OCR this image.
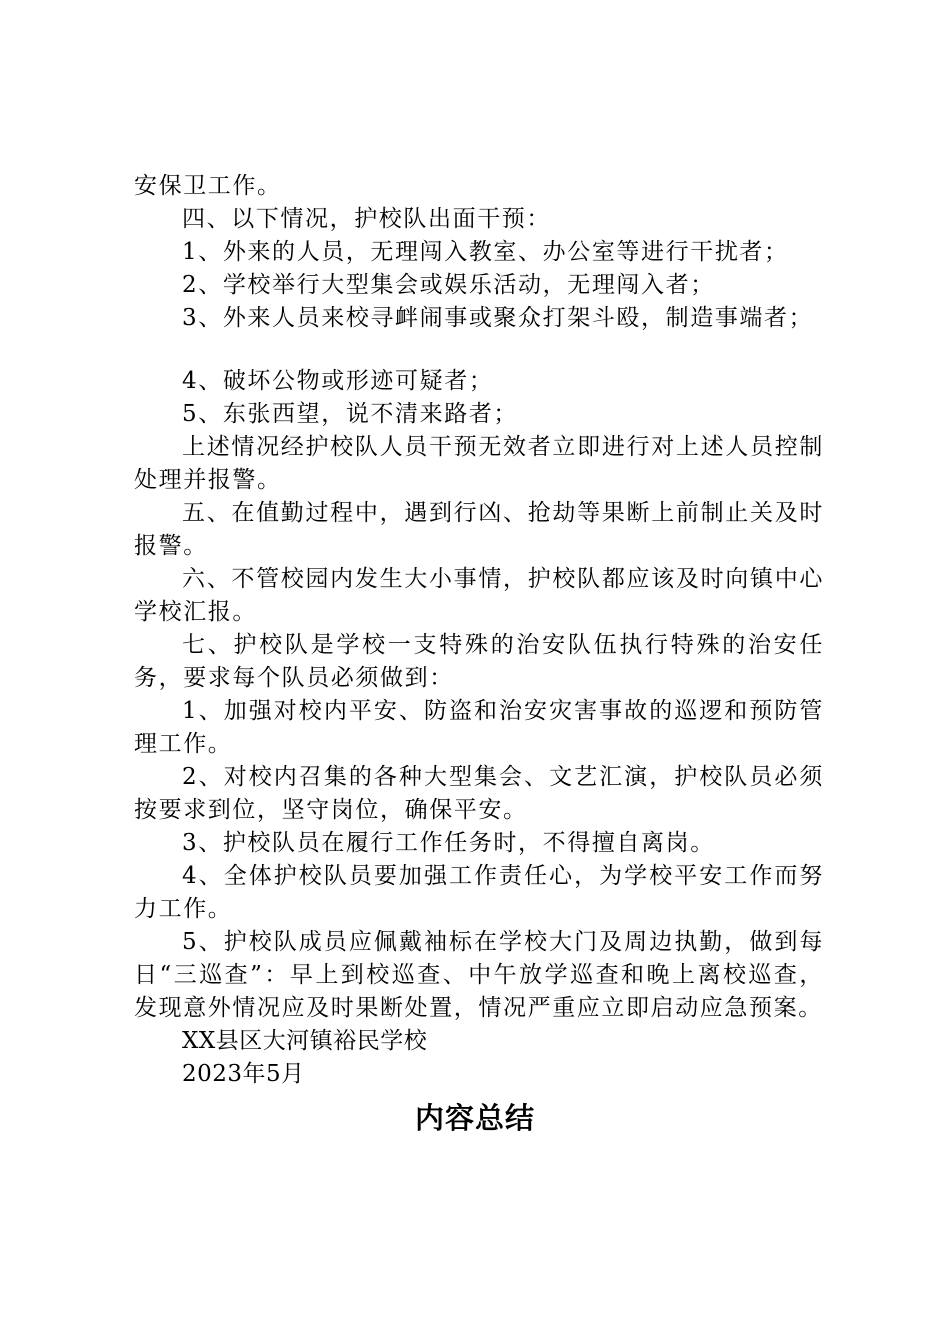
安保卫工作。

四、以下情况，护校队出面干预：

1、外来的人员，无理闯入教室、办公室等进行干扰者；

2、学校举行大型集会或娱乐活动，无理闯入者；

3、外来人员来校寻衅闹事或聚众打架斗殴，制造事端者；

4、破坏公物或形迹可疑者；

5、东张西望，说不清来路者；

上述情况经护校队人员干预无效者立即进行对上述人员控制处理并报警。

五、在值勤过程中，遇到行凶、抢劫等果断上前制止关及时报警。

六、不管校园内发生大小事情，护校队都应该及时向镇中心学校汇报。

七、护校队是学校一支特殊的治安队伍执行特殊的治安任务，要求每个队员必须做到：

1、加强对校内平安、防盗和治安灾害事故的巡逻和预防管理工作。

2、对校内召集的各种大型集会、文艺汇演，护校队员必须按要求到位，坚守岗位，确保平安。

3、护校队员在履行工作任务时，不得擅自离岗。

4、全体护校队员要加强工作责任心，为学校平安工作而努力工作。

5、护校队成员应佩戴袖标在学校大门及周边执勤，做到每日“三巡查”：早上到校巡查、中午放学巡查和晚上离校巡查，发现意外情况应及时果断处置，情况严重应立即启动应急预案。

XX县区大河镇裕民学校

2023年5月

内容总结
